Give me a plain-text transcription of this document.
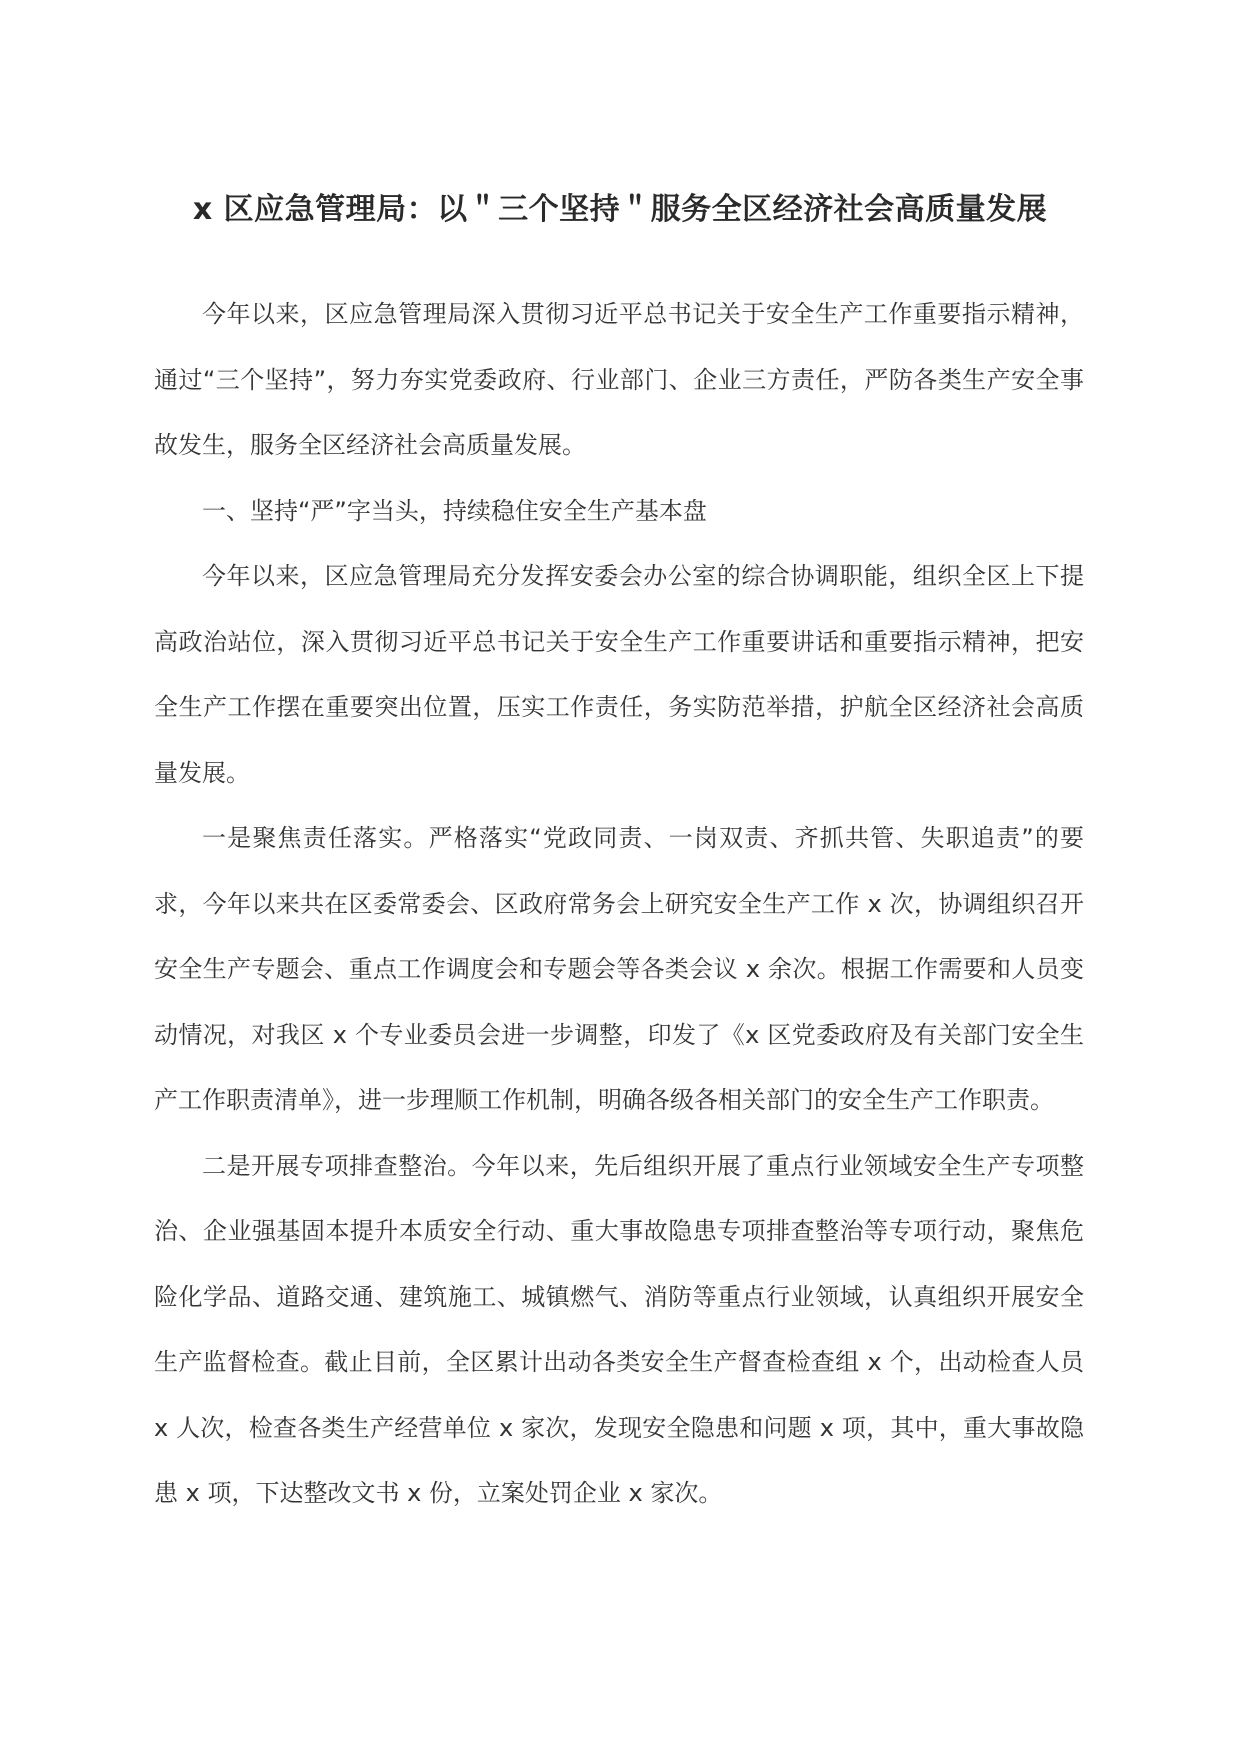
x 区应急管理局：以＂三个坚持＂服务全区经济社会高质量发展

今年以来，区应急管理局深入贯彻习近平总书记关于安全生产工作重要指示精神，通过“三个坚持”，努力夯实党委政府、行业部门、企业三方责任，严防各类生产安全事故发生，服务全区经济社会高质量发展。

一、坚持“严”字当头，持续稳住安全生产基本盘

今年以来，区应急管理局充分发挥安委会办公室的综合协调职能，组织全区上下提高政治站位，深入贯彻习近平总书记关于安全生产工作重要讲话和重要指示精神，把安全生产工作摆在重要突出位置，压实工作责任，务实防范举措，护航全区经济社会高质量发展。

一是聚焦责任落实。严格落实“党政同责、一岗双责、齐抓共管、失职追责”的要求，今年以来共在区委常委会、区政府常务会上研究安全生产工作 x 次，协调组织召开安全生产专题会、重点工作调度会和专题会等各类会议 x 余次。根据工作需要和人员变动情况，对我区 x 个专业委员会进一步调整，印发了《x 区党委政府及有关部门安全生产工作职责清单》，进一步理顺工作机制，明确各级各相关部门的安全生产工作职责。

二是开展专项排查整治。今年以来，先后组织开展了重点行业领域安全生产专项整治、企业强基固本提升本质安全行动、重大事故隐患专项排查整治等专项行动，聚焦危险化学品、道路交通、建筑施工、城镇燃气、消防等重点行业领域，认真组织开展安全生产监督检查。截止目前，全区累计出动各类安全生产督查检查组 x 个，出动检查人员 x 人次，检查各类生产经营单位 x 家次，发现安全隐患和问题 x 项，其中，重大事故隐患 x 项，下达整改文书 x 份，立案处罚企业 x 家次。
